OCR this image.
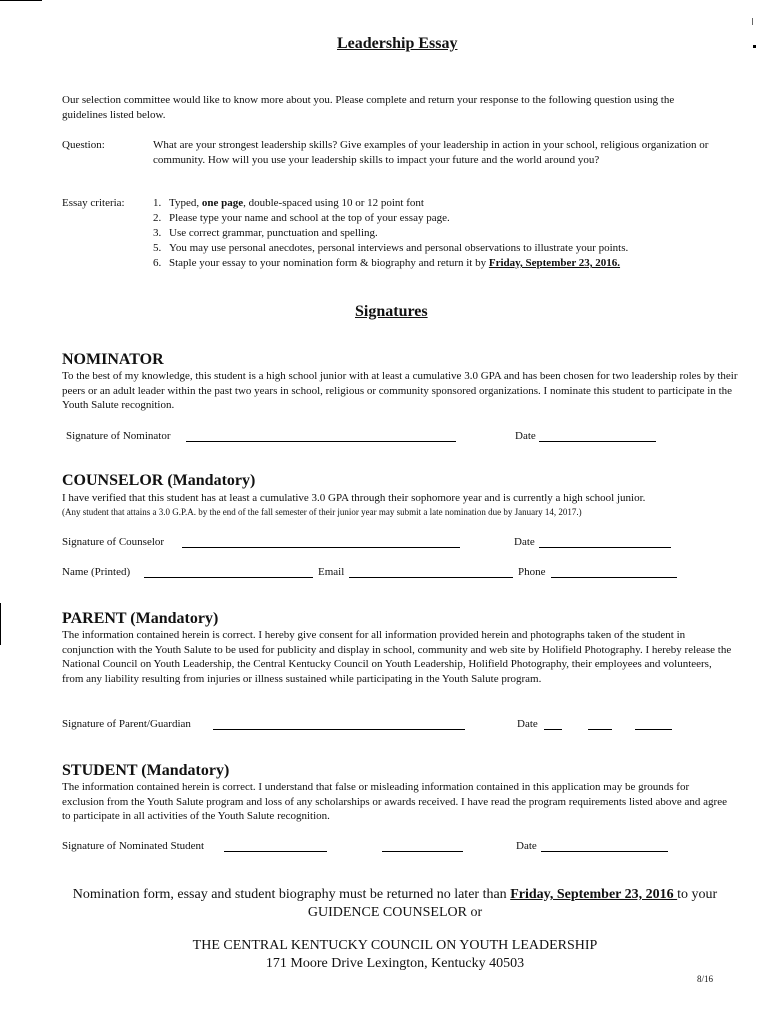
Leadership Essay
Our selection committee would like to know more about you. Please complete and return your response to the following question using the guidelines listed below.
Question:	What are your strongest leadership skills? Give examples of your leadership in action in your school, religious organization or community. How will you use your leadership skills to impact your future and the world around you?
Essay criteria:	1. Typed, one page, double-spaced using 10 or 12 point font
2. Please type your name and school at the top of your essay page.
3. Use correct grammar, punctuation and spelling.
5. You may use personal anecdotes, personal interviews and personal observations to illustrate your points.
6. Staple your essay to your nomination form & biography and return it by Friday, September 23, 2016.
Signatures
NOMINATOR
To the best of my knowledge, this student is a high school junior with at least a cumulative 3.0 GPA and has been chosen for two leadership roles by their peers or an adult leader within the past two years in school, religious or community sponsored organizations. I nominate this student to participate in the Youth Salute recognition.
Signature of Nominator	Date
COUNSELOR (Mandatory)
I have verified that this student has at least a cumulative 3.0 GPA through their sophomore year and is currently a high school junior.
(Any student that attains a 3.0 G.P.A. by the end of the fall semester of their junior year may submit a late nomination due by January 14, 2017.)
Signature of Counselor	Date
Name (Printed)	Email	Phone
PARENT (Mandatory)
The information contained herein is correct. I hereby give consent for all information provided herein and photographs taken of the student in conjunction with the Youth Salute to be used for publicity and display in school, community and web site by Holifield Photography. I hereby release the National Council on Youth Leadership, the Central Kentucky Council on Youth Leadership, Holifield Photography, their employees and volunteers, from any liability resulting from injuries or illness sustained while participating in the Youth Salute program.
Signature of Parent/Guardian	Date
STUDENT (Mandatory)
The information contained herein is correct. I understand that false or misleading information contained in this application may be grounds for exclusion from the Youth Salute program and loss of any scholarships or awards received. I have read the program requirements listed above and agree to participate in all activities of the Youth Salute recognition.
Signature of Nominated Student	Date
Nomination form, essay and student biography must be returned no later than Friday, September 23, 2016 to your
GUIDENCE COUNSELOR or
THE CENTRAL KENTUCKY COUNCIL ON YOUTH LEADERSHIP
171 Moore Drive Lexington, Kentucky 40503
8/16
